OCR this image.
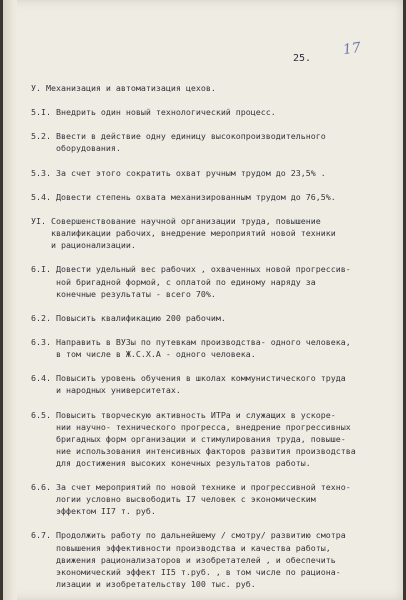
25.
17
У. Механизация и автоматизация цехов.
5.I. Внедрить один новый технологический процесс.
5.2. Ввести в действие одну единицу высокопроизводительного
оборудования.
5.3. За счет этого сократить охват ручным трудом до 23,5% .
5.4. Довести степень охвата механизированным трудом до 76,5%.
УI. Совершенствование научной организации труда, повышение
квалификации рабочих, внедрение мероприятий новой техники
и рационализации.
6.I. Довести удельный вес рабочих , охваченных новой прогрессив-
ной бригадной формой, с оплатой по единому наряду за
конечные результаты - всего 70%.
6.2. Повысить квалификацию 200 рабочим.
6.3. Направить в ВУЗы по путевкам производства- одного человека,
в том числе в Ж.С.Х.А - одного человека.
6.4. Повысить уровень обучения в школах коммунистического труда
и народных университетах.
6.5. Повысить творческую активность ИТРа и служащих в ускоре-
нии научно- технического прогресса, внедрение прогрессивных
бригадных форм организации и стимулирования труда, повыше-
ние использования интенсивных факторов развития производства
для достижения высоких конечных результатов работы.
6.6. За счет мероприятий по новой технике и прогрессивной техно-
логии условно высвободить I7 человек с экономическим
эффектом II7 т. руб.
6.7. Продолжить работу по дальнейшему / смотру/ развитию смотра
повышения эффективности производства и качества работы,
движения рационализаторов и изобретателей , и обеспечить
экономический эффект II5 т.руб. , в том числе по рациона-
лизации и изобретательству 100 тыс. руб.
